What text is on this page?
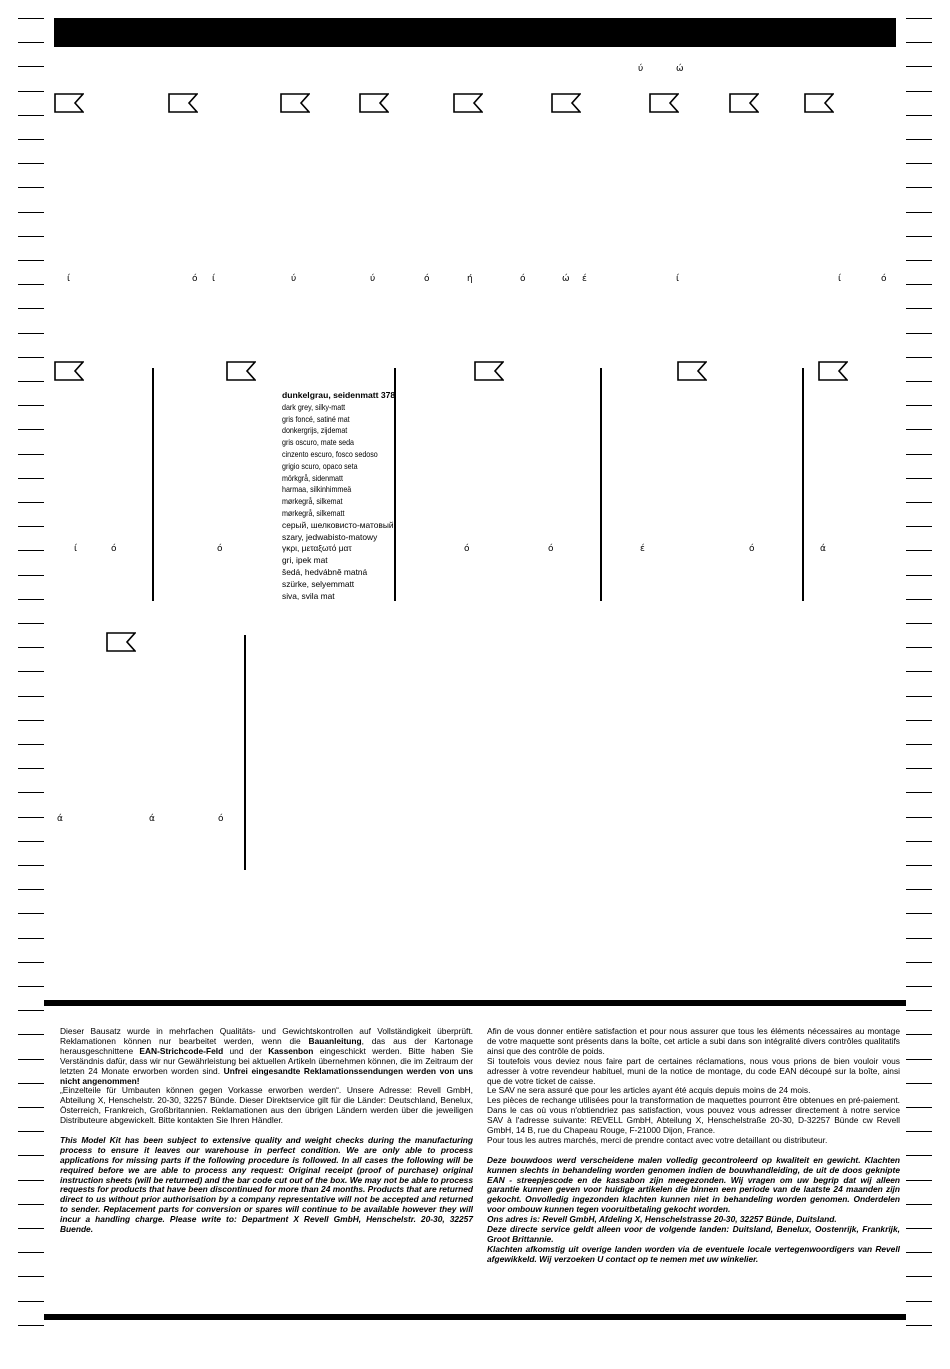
ύ	ώ
ί	ό ί	ύ	ύ	ό	ή	ό	ώ έ	ί	ί	ό
ί	ό	ό	ό	ό	έ	ό	ά
ά	ά	ό
dunkelgrau, seidenmatt 378
dark grey, silky-matt
gris foncé, satiné mat
donkergrijs, zijdemat
gris oscuro, mate seda
cinzento escuro, fosco sedoso
grigio scuro, opaco seta
mörkgrå, sidenmatt
harmaa, silkinhimmeä
mørkegrå, silkemat
mørkegrå, silkematt
серый, шелковисто-матовый
szary, jedwabisto-matowy
γκρι, μεταξωτό ματ
gri, ipek mat
šedá, hedvábně matná
szürke, selyemmatt
siva, svila mat

Dieser Bausatz wurde in mehrfachen Qualitäts- und Gewichtskontrollen auf Vollständigkeit überprüft. Reklamationen können nur bearbeitet werden, wenn die Bauanleitung, das aus der Kartonage herausgeschnittene EAN-Strichcode-Feld und der Kassenbon eingeschickt werden. Bitte haben Sie Verständnis dafür, dass wir nur Gewährleistung bei aktuellen Artikeln übernehmen können, die im Zeitraum der letzten 24 Monate erworben worden sind. Unfrei eingesandte Reklamationssendungen werden von uns nicht angenommen!

„Einzelteile für Umbauten können gegen Vorkasse erworben werden“. Unsere Adresse: Revell GmbH, Abteilung X, Henschelstr. 20-30, 32257 Bünde. Dieser Direktservice gilt für die Länder: Deutschland, Benelux, Österreich, Frankreich, Großbritannien. Reklamationen aus den übrigen Ländern werden über die jeweiligen Distributeure abgewickelt. Bitte kontakten Sie Ihren Händler.

This Model Kit has been subject to extensive quality and weight checks during the manufacturing process to ensure it leaves our warehouse in perfect condition. We are only able to process applications for missing parts if the following procedure is followed. In all cases the following will be required before we are able to process any request: Original receipt (proof of purchase) original instruction sheets (will be returned) and the bar code cut out of the box. We may not be able to process requests for products that have been discontinued for more than 24 months. Products that are returned direct to us without prior authorisation by a company representative will not be accepted and returned to sender. Replacement parts for conversion or spares will continue to be available however they will incur a handling charge. Please write to: Department X Revell GmbH, Henschelstr. 20-30, 32257 Buende.

Afin de vous donner entière satisfaction et pour nous assurer que tous les éléments nécessaires au montage de votre maquette sont présents dans la boîte, cet article a subi dans son intégralité divers contrôles qualitatifs ainsi que des contrôle de poids.

Si toutefois vous deviez nous faire part de certaines réclamations, nous vous prions de bien vouloir vous adresser à votre revendeur habituel, muni de la notice de montage, du code EAN découpé sur la boîte, ainsi que de votre ticket de caisse.

Le SAV ne sera assuré que pour les articles ayant été acquis depuis moins de 24 mois.

Les pièces de rechange utilisées pour la transformation de maquettes pourront être obtenues en pré-paiement. Dans le cas où vous n'obtiendriez pas satisfaction, vous pouvez vous adresser directement à notre service SAV à l'adresse suivante: REVELL GmbH, Abteilung X, Henschelstraße 20-30, D-32257 Bünde cw Revell GmbH, 14 B, rue du Chapeau Rouge, F-21000 Dijon, France.

Pour tous les autres marchés, merci de prendre contact avec votre detaillant ou distributeur.

Deze bouwdoos werd verscheidene malen volledig gecontroleerd op kwaliteit en gewicht. Klachten kunnen slechts in behandeling worden genomen indien de bouwhandleiding, de uit de doos geknipte EAN - streepjescode en de kassabon zijn meegezonden. Wij vragen om uw begrip dat wij alleen garantie kunnen geven voor huidige artikelen die binnen een periode van de laatste 24 maanden zijn gekocht. Onvolledig ingezonden klachten kunnen niet in behandeling worden genomen. Onderdelen voor ombouw kunnen tegen vooruitbetaling gekocht worden.

Ons adres is: Revell GmbH, Afdeling X, Henschelstrasse 20-30, 32257 Bünde, Duitsland.

Deze directe service geldt alleen voor de volgende landen: Duitsland, Benelux, Oostenrijk, Frankrijk, Groot Brittannie.

Klachten afkomstig uit overige landen worden via de eventuele locale vertegenwoordigers van Revell afgewikkeld. Wij verzoeken U contact op te nemen met uw winkelier.
